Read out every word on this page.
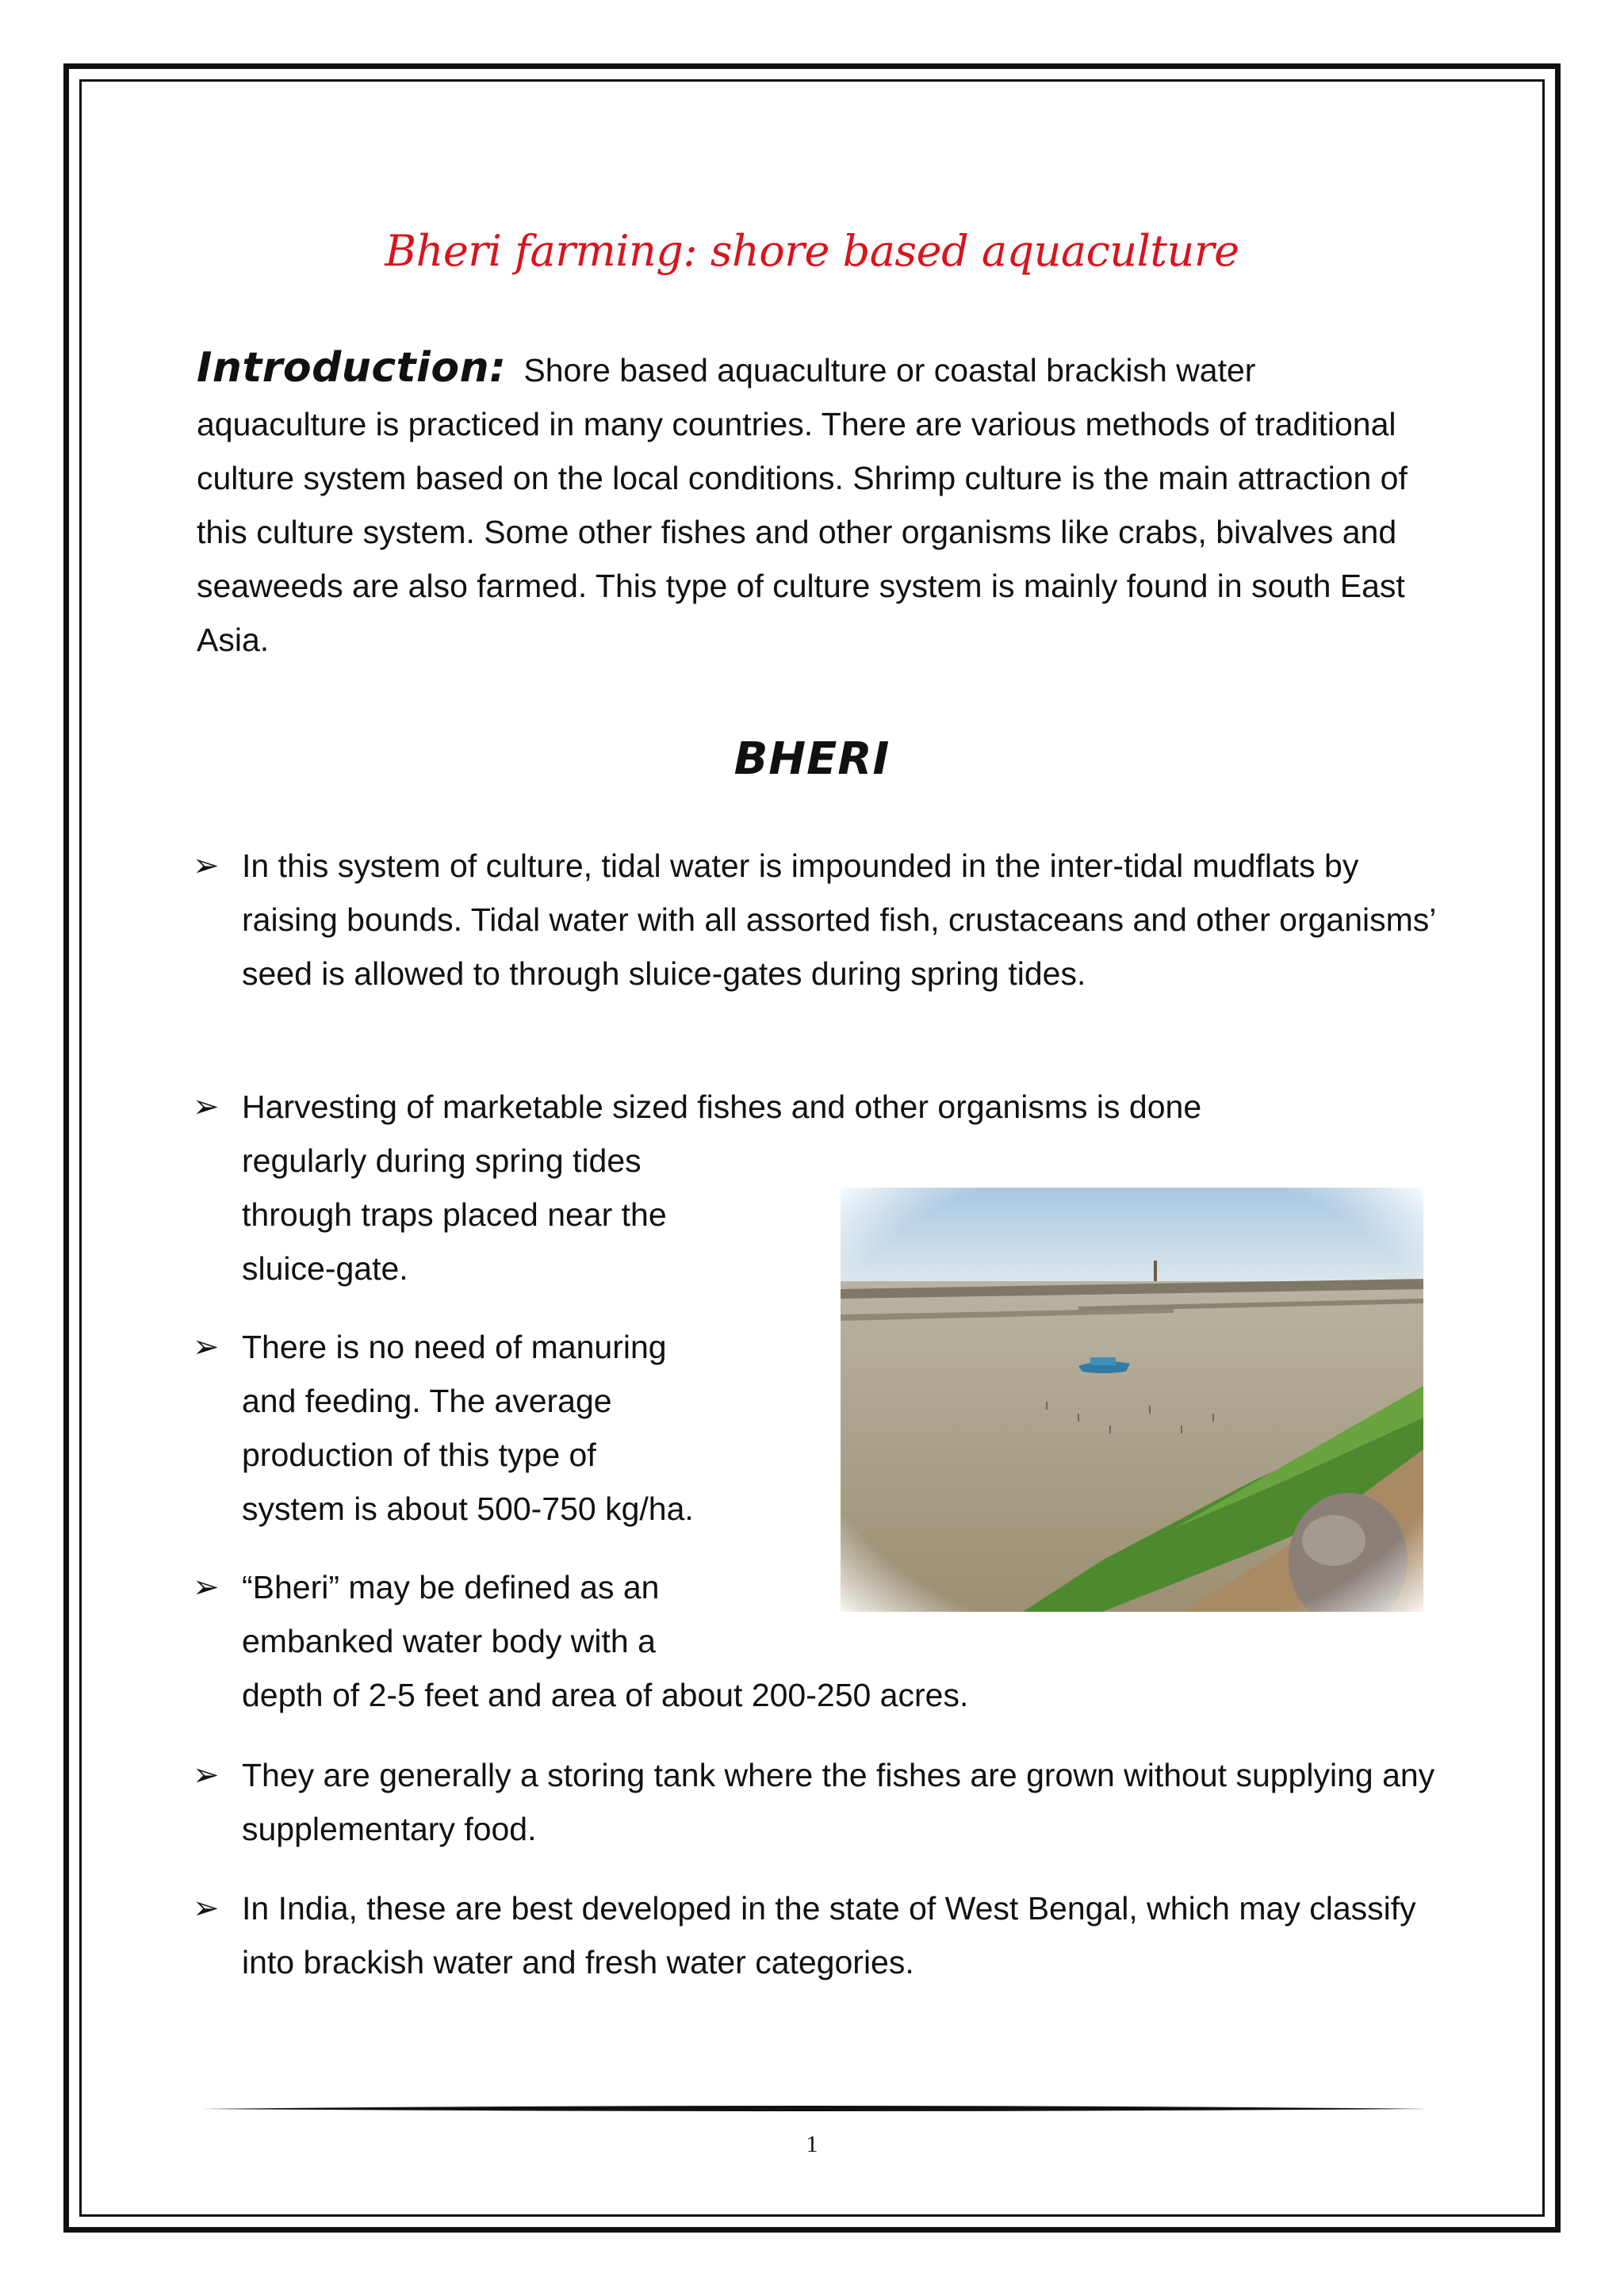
Bheri farming: shore based aquaculture

Introduction: Shore based aquaculture or coastal brackish water aquaculture is practiced in many countries. There are various methods of traditional culture system based on the local conditions. Shrimp culture is the main attraction of this culture system. Some other fishes and other organisms like crabs, bivalves and seaweeds are also farmed. This type of culture system is mainly found in south East Asia.

BHERI

➢ In this system of culture, tidal water is impounded in the inter-tidal mudflats by raising bounds. Tidal water with all assorted fish, crustaceans and other organisms’ seed is allowed to through sluice-gates during spring tides.

➢ Harvesting of marketable sized fishes and other organisms is done
regularly during spring tides
through traps placed near the
sluice-gate.

➢ There is no need of manuring
and feeding. The average
production of this type of
system is about 500-750 kg/ha.

➢ “Bheri” may be defined as an
embanked water body with a
depth of 2-5 feet and area of about 200-250 acres.

➢ They are generally a storing tank where the fishes are grown without supplying any supplementary food.

➢ In India, these are best developed in the state of West Bengal, which may classify into brackish water and fresh water categories.

1
